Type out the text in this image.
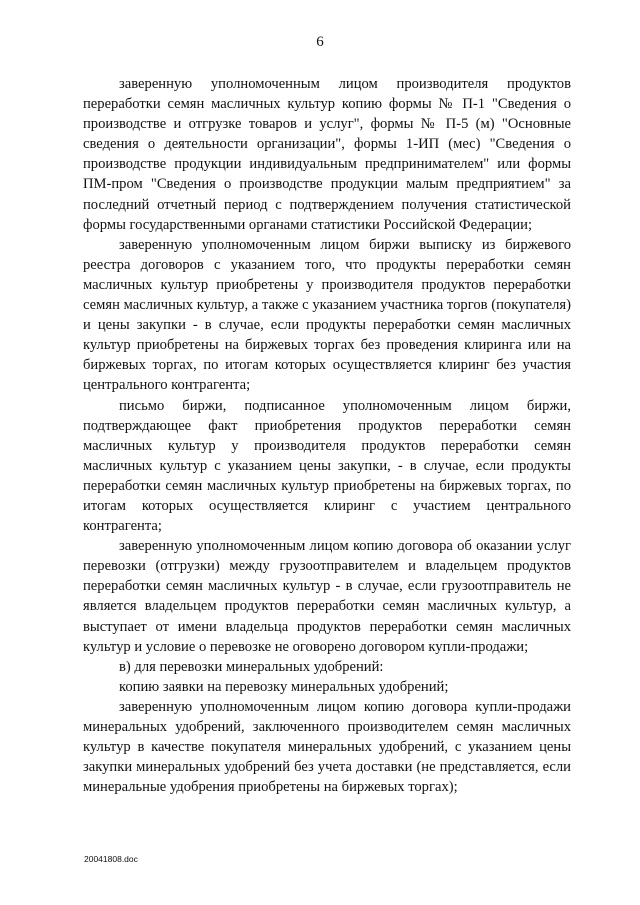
6

заверенную уполномоченным лицом производителя продуктов переработки семян масличных культур копию формы № П-1 "Сведения о производстве и отгрузке товаров и услуг", формы № П-5 (м) "Основные сведения о деятельности организации", формы 1-ИП (мес) "Сведения о производстве продукции индивидуальным предпринимателем" или формы ПМ-пром "Сведения о производстве продукции малым предприятием" за последний отчетный период с подтверждением получения статистической формы государственными органами статистики Российской Федерации;

заверенную уполномоченным лицом биржи выписку из биржевого реестра договоров с указанием того, что продукты переработки семян масличных культур приобретены у производителя продуктов переработки семян масличных культур, а также с указанием участника торгов (покупателя) и цены закупки - в случае, если продукты переработки семян масличных культур приобретены на биржевых торгах без проведения клиринга или на биржевых торгах, по итогам которых осуществляется клиринг без участия центрального контрагента;

письмо биржи, подписанное уполномоченным лицом биржи, подтверждающее факт приобретения продуктов переработки семян масличных культур у производителя продуктов переработки семян масличных культур с указанием цены закупки, - в случае, если продукты переработки семян масличных культур приобретены на биржевых торгах, по итогам которых осуществляется клиринг с участием центрального контрагента;

заверенную уполномоченным лицом копию договора об оказании услуг перевозки (отгрузки) между грузоотправителем и владельцем продуктов переработки семян масличных культур - в случае, если грузоотправитель не является владельцем продуктов переработки семян масличных культур, а выступает от имени владельца продуктов переработки семян масличных культур и условие о перевозке не оговорено договором купли-продажи;

в) для перевозки минеральных удобрений:

копию заявки на перевозку минеральных удобрений;

заверенную уполномоченным лицом копию договора купли-продажи минеральных удобрений, заключенного производителем семян масличных культур в качестве покупателя минеральных удобрений, с указанием цены закупки минеральных удобрений без учета доставки (не представляется, если минеральные удобрения приобретены на биржевых торгах);

20041808.doc
